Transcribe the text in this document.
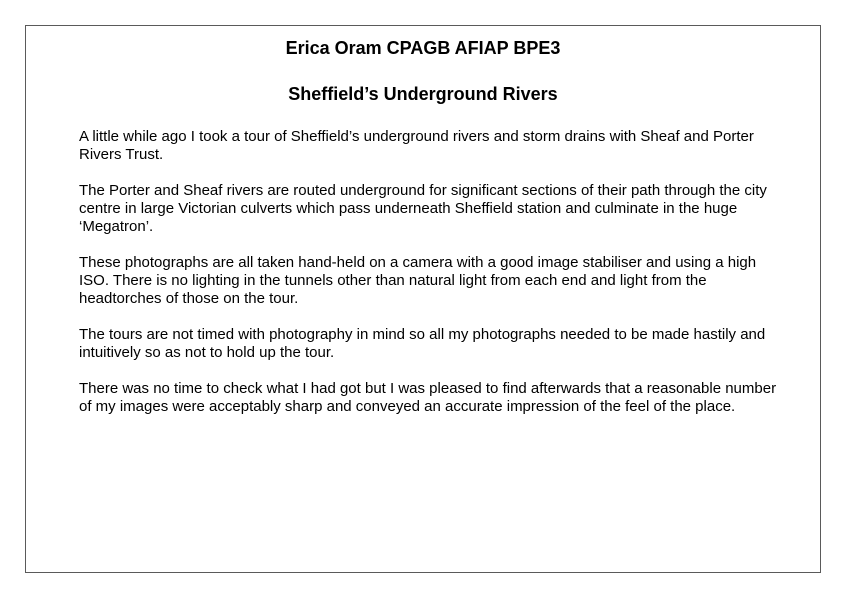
Erica Oram CPAGB AFIAP BPE3
Sheffield’s Underground Rivers

A little while ago I took a tour of Sheffield’s underground rivers and storm drains with Sheaf and Porter Rivers Trust.

The Porter and Sheaf rivers are routed underground for significant sections of their path through the city centre in large Victorian culverts which pass underneath Sheffield station and culminate in the huge ‘Megatron’.

These photographs are all taken hand-held on a camera with a good image stabiliser and using a high ISO. There is no lighting in the tunnels other than natural light from each end and light from the headtorches of those on the tour.

The tours are not timed with photography in mind so all my photographs needed to be made hastily and intuitively so as not to hold up the tour.

There was no time to check what I had got but I was pleased to find afterwards that a reasonable number of my images were acceptably sharp and conveyed an accurate impression of the feel of the place.
